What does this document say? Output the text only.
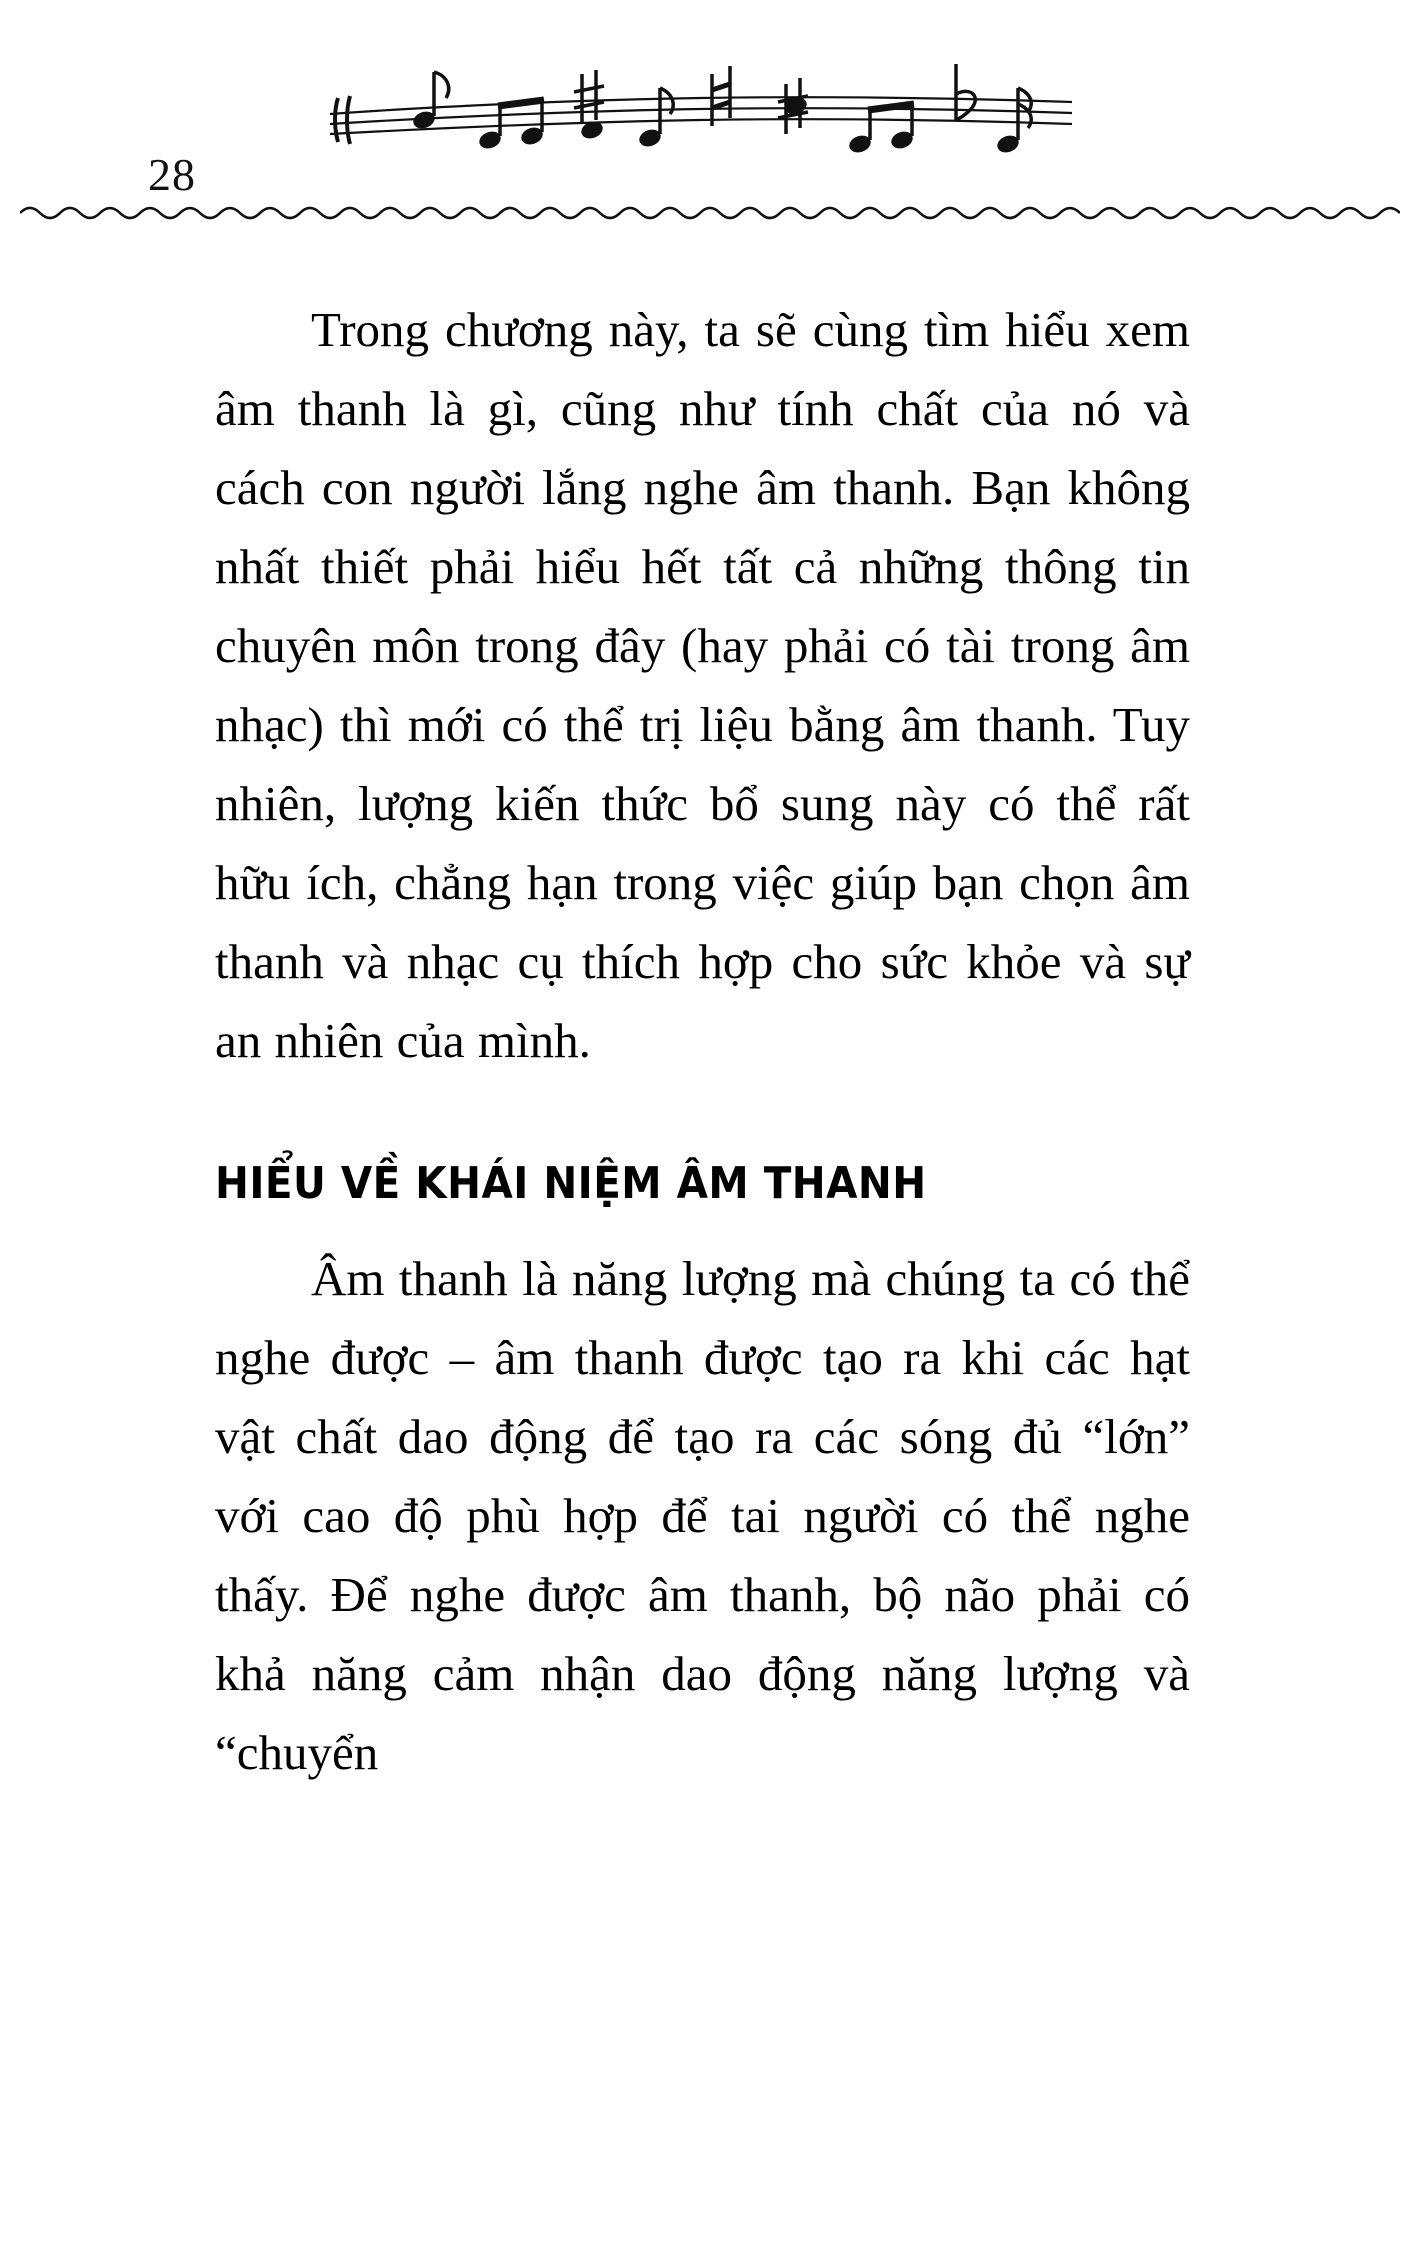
28

Trong chương này, ta sẽ cùng tìm hiểu xem âm thanh là gì, cũng như tính chất của nó và cách con người lắng nghe âm thanh. Bạn không nhất thiết phải hiểu hết tất cả những thông tin chuyên môn trong đây (hay phải có tài trong âm nhạc) thì mới có thể trị liệu bằng âm thanh. Tuy nhiên, lượng kiến thức bổ sung này có thể rất hữu ích, chẳng hạn trong việc giúp bạn chọn âm thanh và nhạc cụ thích hợp cho sức khỏe và sự an nhiên của mình.

HIỂU VỀ KHÁI NIỆM ÂM THANH

Âm thanh là năng lượng mà chúng ta có thể nghe được – âm thanh được tạo ra khi các hạt vật chất dao động để tạo ra các sóng đủ “lớn” với cao độ phù hợp để tai người có thể nghe thấy. Để nghe được âm thanh, bộ não phải có khả năng cảm nhận dao động năng lượng và “chuyển
